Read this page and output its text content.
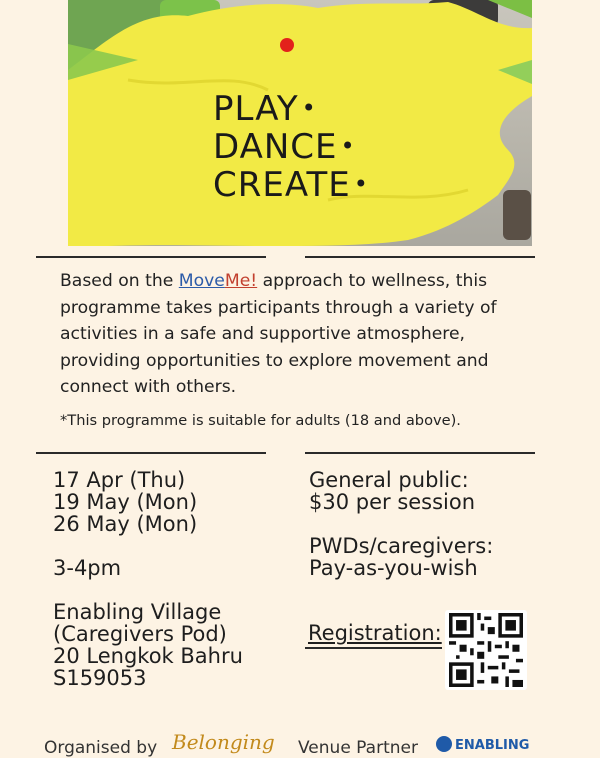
PLAY •
DANCE •
CREATE •
Based on the MoveMe! approach to wellness, this programme takes participants through a variety of activities in a safe and supportive atmosphere, providing opportunities to explore movement and connect with others.
*This programme is suitable for adults (18 and above).
17 Apr (Thu)
19 May (Mon)
26 May (Mon)
3-4pm
Enabling Village
(Caregivers Pod)
20 Lengkok Bahru
S159053
General public:
$30 per session
PWDs/caregivers:
Pay-as-you-wish
Registration:
Organised by Belonging Venue Partner	ENABLING
